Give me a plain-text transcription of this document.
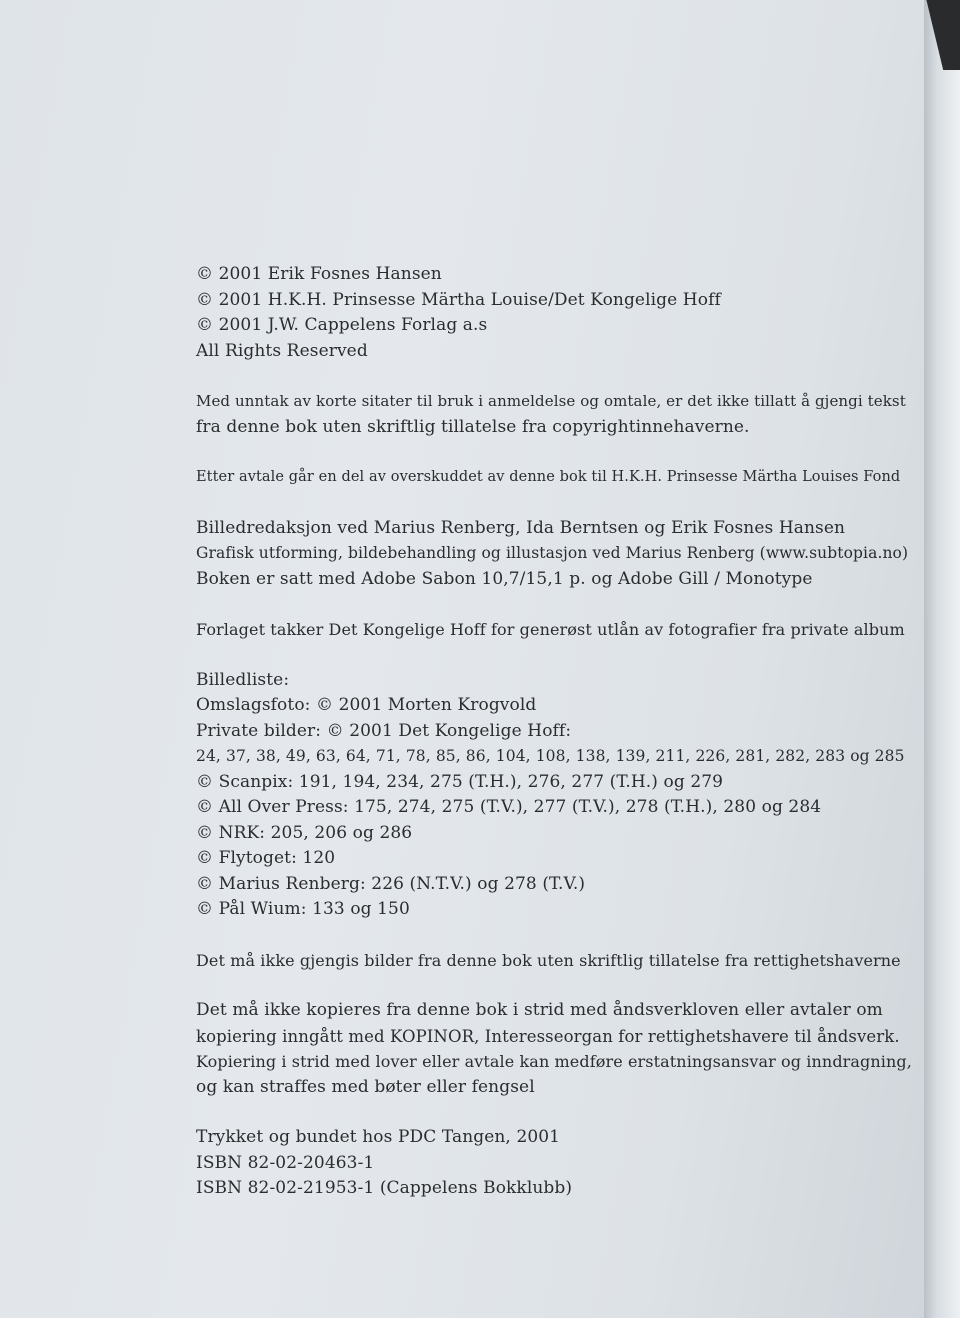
© 2001 Erik Fosnes Hansen
© 2001 H.K.H. Prinsesse Märtha Louise/Det Kongelige Hoff
© 2001 J.W. Cappelens Forlag a.s
All Rights Reserved
Med unntak av korte sitater til bruk i anmeldelse og omtale, er det ikke tillatt å gjengi tekst
fra denne bok uten skriftlig tillatelse fra copyrightinnehaverne.
Etter avtale går en del av overskuddet av denne bok til H.K.H. Prinsesse Märtha Louises Fond
Billedredaksjon ved Marius Renberg, Ida Berntsen og Erik Fosnes Hansen
Grafisk utforming, bildebehandling og illustasjon ved Marius Renberg (www.subtopia.no)
Boken er satt med Adobe Sabon 10,7/15,1 p. og Adobe Gill / Monotype
Forlaget takker Det Kongelige Hoff for generøst utlån av fotografier fra private album
Billedliste:
Omslagsfoto: © 2001 Morten Krogvold
Private bilder: © 2001 Det Kongelige Hoff:
24, 37, 38, 49, 63, 64, 71, 78, 85, 86, 104, 108, 138, 139, 211, 226, 281, 282, 283 og 285
© Scanpix: 191, 194, 234, 275 (T.H.), 276, 277 (T.H.) og 279
© All Over Press: 175, 274, 275 (T.V.), 277 (T.V.), 278 (T.H.), 280 og 284
© NRK: 205, 206 og 286
© Flytoget: 120
© Marius Renberg: 226 (N.T.V.) og 278 (T.V.)
© Pål Wium: 133 og 150
Det må ikke gjengis bilder fra denne bok uten skriftlig tillatelse fra rettighetshaverne
Det må ikke kopieres fra denne bok i strid med åndsverkloven eller avtaler om
kopiering inngått med KOPINOR, Interesseorgan for rettighetshavere til åndsverk.
Kopiering i strid med lover eller avtale kan medføre erstatningsansvar og inndragning,
og kan straffes med bøter eller fengsel
Trykket og bundet hos PDC Tangen, 2001
ISBN 82-02-20463-1
ISBN 82-02-21953-1 (Cappelens Bokklubb)
